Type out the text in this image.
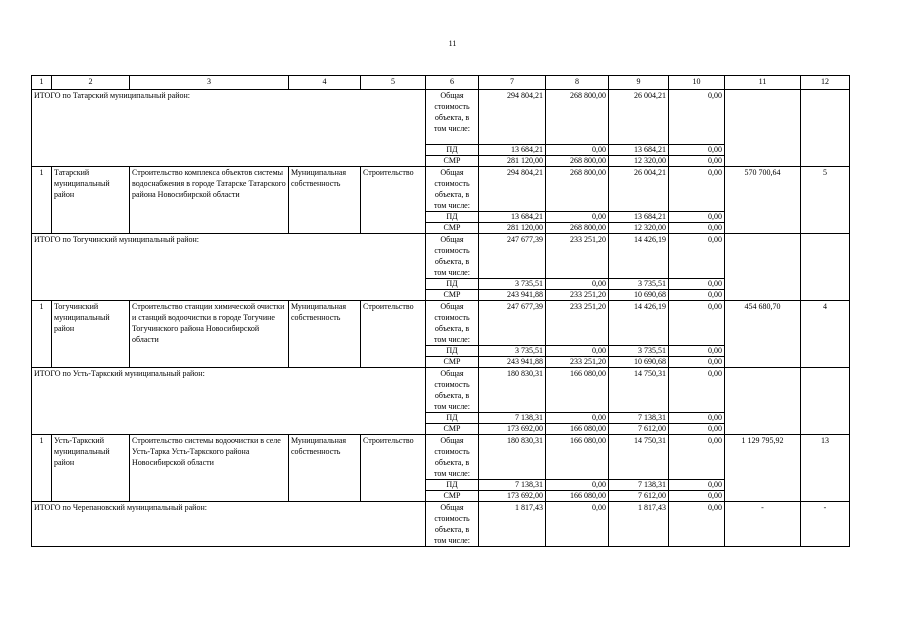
11
1	2	3	4	5	6	7	8	9	10	11	12
ИТОГО по Татарский муниципальный район:					Общая стоимость объекта, в том числе:	294 804,21	268 800,00	26 004,21	0,00		
					ПД	13 684,21	0,00	13 684,21	0,00		
					СМР	281 120,00	268 800,00	12 320,00	0,00		
1	Татарский муниципальный район	Строительство комплекса объектов системы водоснабжения в городе Татарске Татарского района Новосибирской области	Муниципальная собственность	Строительство	Общая стоимость объекта, в том числе:	294 804,21	268 800,00	26 004,21	0,00	570 700,64	5
					ПД	13 684,21	0,00	13 684,21	0,00		
					СМР	281 120,00	268 800,00	12 320,00	0,00		
ИТОГО по Тогучинский муниципальный район:					Общая стоимость объекта, в том числе:	247 677,39	233 251,20	14 426,19	0,00		
					ПД	3 735,51	0,00	3 735,51	0,00		
					СМР	243 941,88	233 251,20	10 690,68	0,00		
1	Тогучинский муниципальный район	Строительство станции химической очистки и станций водоочистки в городе Тогучине Тогучинского района Новосибирской области	Муниципальная собственность	Строительство	Общая стоимость объекта, в том числе:	247 677,39	233 251,20	14 426,19	0,00	454 680,70	4
					ПД	3 735,51	0,00	3 735,51	0,00		
					СМР	243 941,88	233 251,20	10 690,68	0,00		
ИТОГО по Усть-Таркский муниципальный район:					Общая стоимость объекта, в том числе:	180 830,31	166 080,00	14 750,31	0,00		
					ПД	7 138,31	0,00	7 138,31	0,00		
					СМР	173 692,00	166 080,00	7 612,00	0,00		
1	Усть-Таркский муниципальный район	Строительство системы водоочистки в селе Усть-Тарка Усть-Таркского района Новосибирской области	Муниципальная собственность	Строительство	Общая стоимость объекта, в том числе:	180 830,31	166 080,00	14 750,31	0,00	1 129 795,92	13
					ПД	7 138,31	0,00	7 138,31	0,00		
					СМР	173 692,00	166 080,00	7 612,00	0,00		
ИТОГО по Черепановский муниципальный район:					Общая стоимость объекта, в том числе:	1 817,43	0,00	1 817,43	0,00	-	-
